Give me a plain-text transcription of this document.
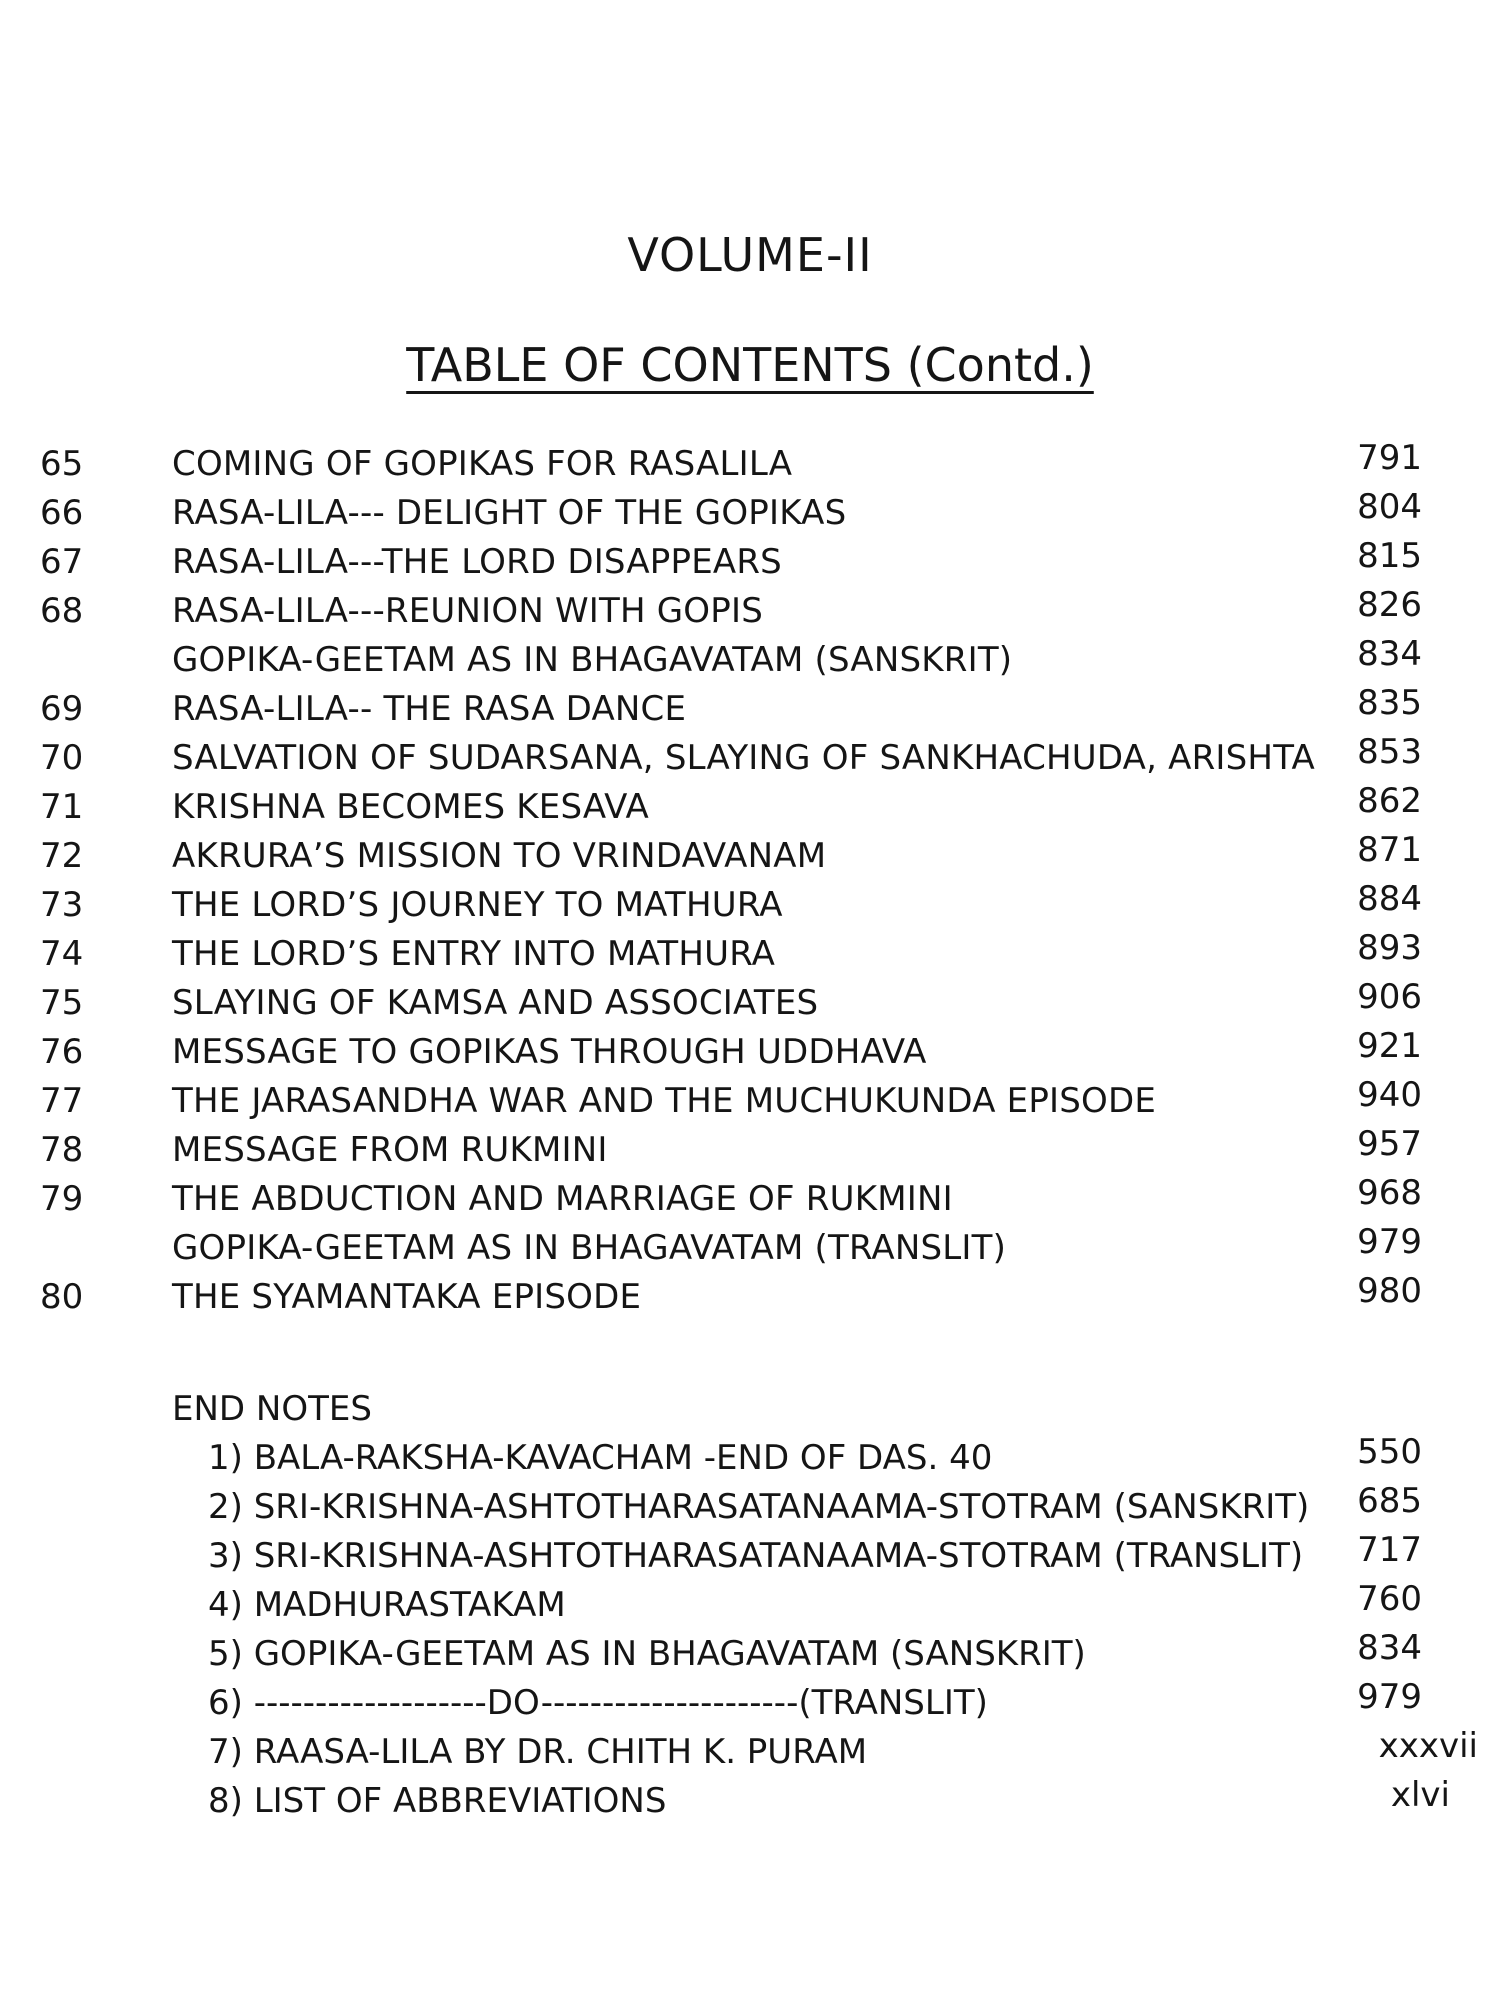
VOLUME-II
TABLE OF CONTENTS (Contd.)
65	COMING OF GOPIKAS FOR RASALILA	791
66	RASA-LILA--- DELIGHT OF THE GOPIKAS	804
67	RASA-LILA---THE LORD DISAPPEARS	815
68	RASA-LILA---REUNION WITH GOPIS	826
GOPIKA-GEETAM AS IN BHAGAVATAM (SANSKRIT)	834
69	RASA-LILA-- THE RASA DANCE	835
70	SALVATION OF SUDARSANA, SLAYING OF SANKHACHUDA, ARISHTA 853
71	KRISHNA BECOMES KESAVA	862
72	AKRURA’S MISSION TO VRINDAVANAM	871
73	THE LORD’S JOURNEY TO MATHURA	884
74	THE LORD’S ENTRY INTO MATHURA	893
75	SLAYING OF KAMSA AND ASSOCIATES	906
76	MESSAGE TO GOPIKAS THROUGH UDDHAVA	921
77	THE JARASANDHA WAR AND THE MUCHUKUNDA EPISODE	940
78	MESSAGE FROM RUKMINI	957
79	THE ABDUCTION AND MARRIAGE OF RUKMINI	968
GOPIKA-GEETAM AS IN BHAGAVATAM (TRANSLIT)	979
80	THE SYAMANTAKA EPISODE	980
END NOTES
1) BALA-RAKSHA-KAVACHAM -END OF DAS. 40	550
2) SRI-KRISHNA-ASHTOTHARASATANAAMA-STOTRAM (SANSKRIT) 685
3) SRI-KRISHNA-ASHTOTHARASATANAAMA-STOTRAM (TRANSLIT) 717
4) MADHURASTAKAM	760
5) GOPIKA-GEETAM AS IN BHAGAVATAM (SANSKRIT)	834
6) -------------------DO---------------------(TRANSLIT)	979
7) RAASA-LILA BY DR. CHITH K. PURAM	xxxvii
8) LIST OF ABBREVIATIONS	xlvi
